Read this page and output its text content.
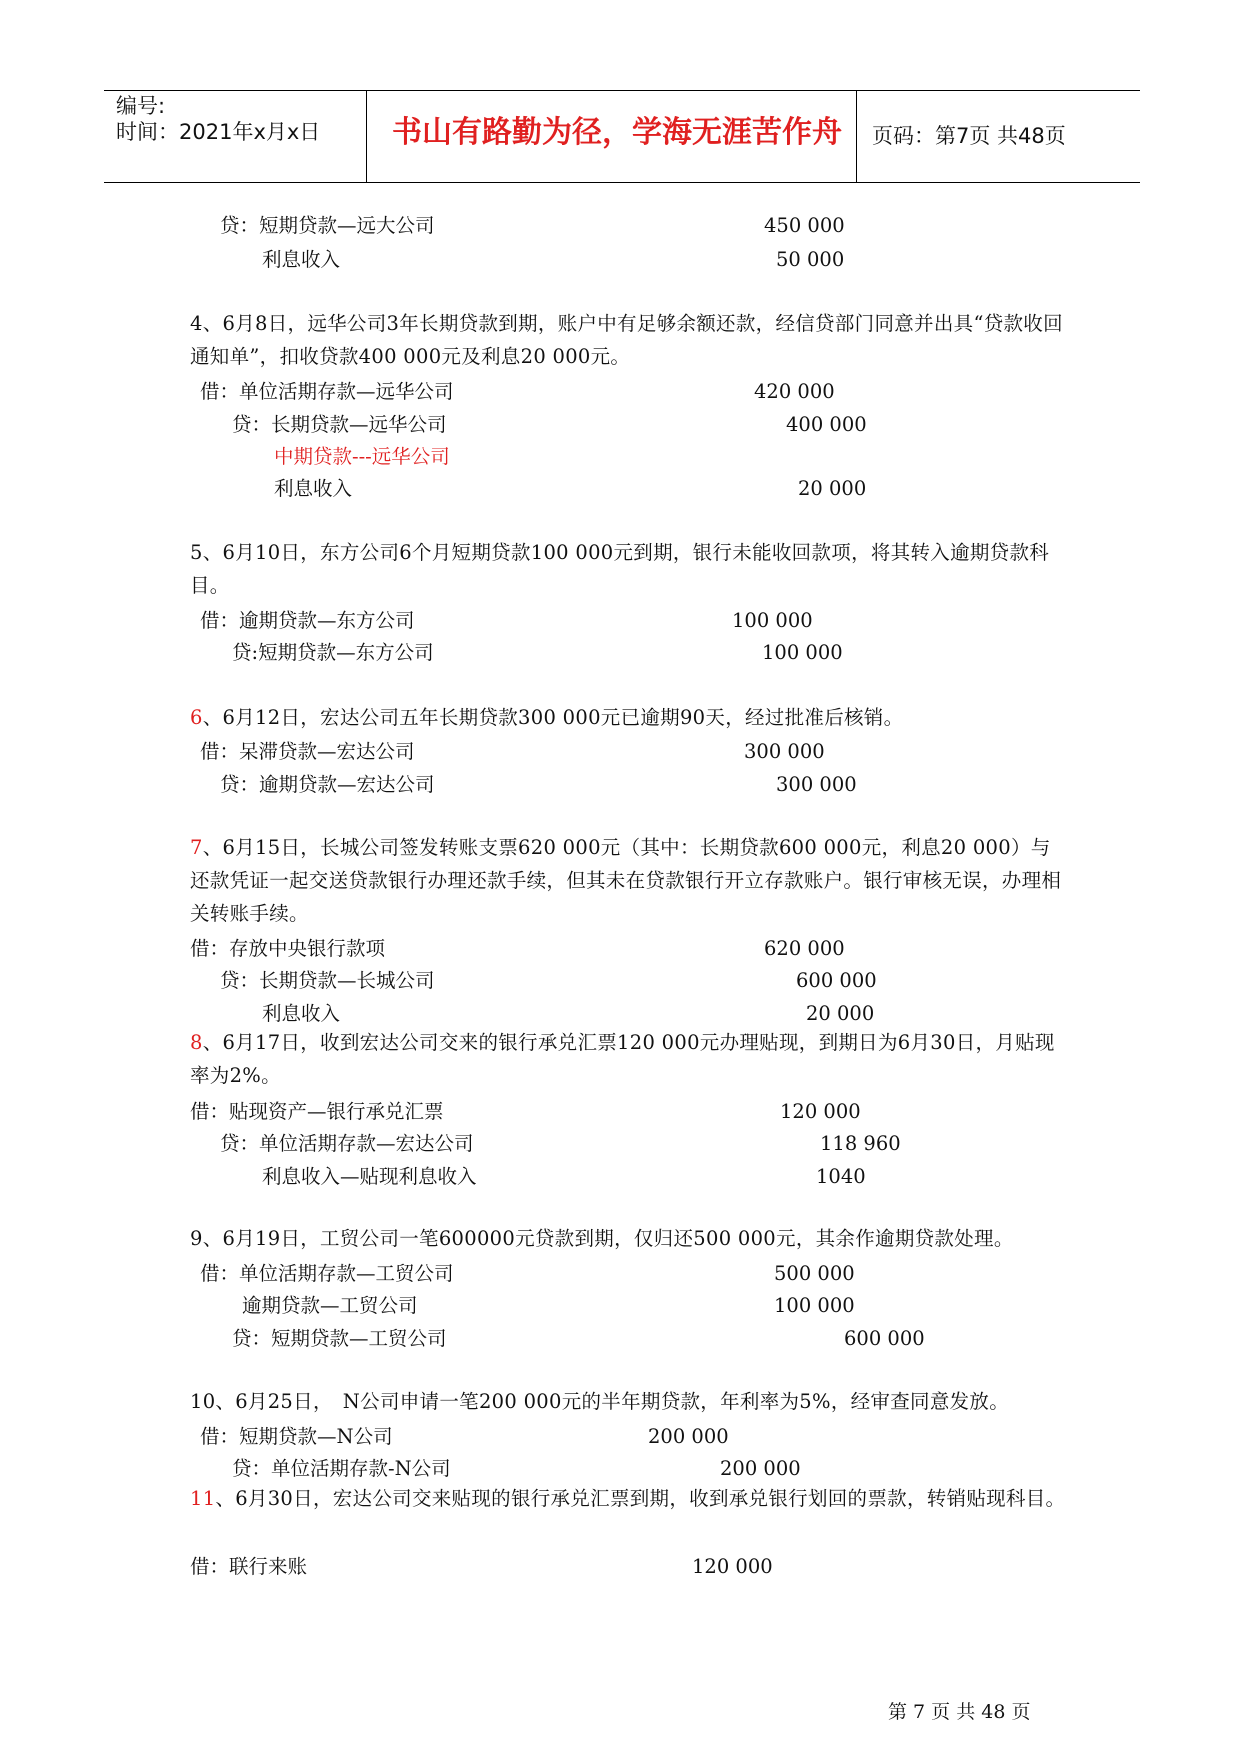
编号:
时间：2021年x月x日 书山有路勤为径，学海无涯苦作舟 页码：第7页 共48页
贷：短期贷款—远大公司	450 000
利息收入	50 000
4、6月8日，远华公司3年长期贷款到期，账户中有足够余额还款，经信贷部门同意并出具“贷款收回通知单”，扣收贷款400 000元及利息20 000元。
借：单位活期存款—远华公司	420 000
贷：长期贷款—远华公司	400 000
中期贷款---远华公司
利息收入	20 000
5、6月10日，东方公司6个月短期贷款100 000元到期，银行未能收回款项，将其转入逾期贷款科目。
借：逾期贷款—东方公司	100 000
贷:短期贷款—东方公司	100 000
6、6月12日，宏达公司五年长期贷款300 000元已逾期90天，经过批准后核销。
借：呆滞贷款—宏达公司	300 000
贷：逾期贷款—宏达公司	300 000
7、6月15日，长城公司签发转账支票620 000元（其中：长期贷款600 000元，利息20 000）与还款凭证一起交送贷款银行办理还款手续，但其未在贷款银行开立存款账户。银行审核无误，办理相关转账手续。
借：存放中央银行款项	620 000
贷：长期贷款—长城公司	600 000
利息收入	20 000
8、6月17日，收到宏达公司交来的银行承兑汇票120 000元办理贴现，到期日为6月30日，月贴现率为2%。
借：贴现资产—银行承兑汇票	120 000
贷：单位活期存款—宏达公司	118 960
利息收入—贴现利息收入	1040
9、6月19日，工贸公司一笔600000元贷款到期，仅归还500 000元，其余作逾期贷款处理。
借：单位活期存款—工贸公司	500 000
逾期贷款—工贸公司	100 000
贷：短期贷款—工贸公司	600 000
10、6月25日，　N公司申请一笔200 000元的半年期贷款，年利率为5%，经审查同意发放。
借：短期贷款—N公司	200 000
贷：单位活期存款-N公司	200 000
11、6月30日，宏达公司交来贴现的银行承兑汇票到期，收到承兑银行划回的票款，转销贴现科目。
借：联行来账	120 000
第 7 页 共 48 页
